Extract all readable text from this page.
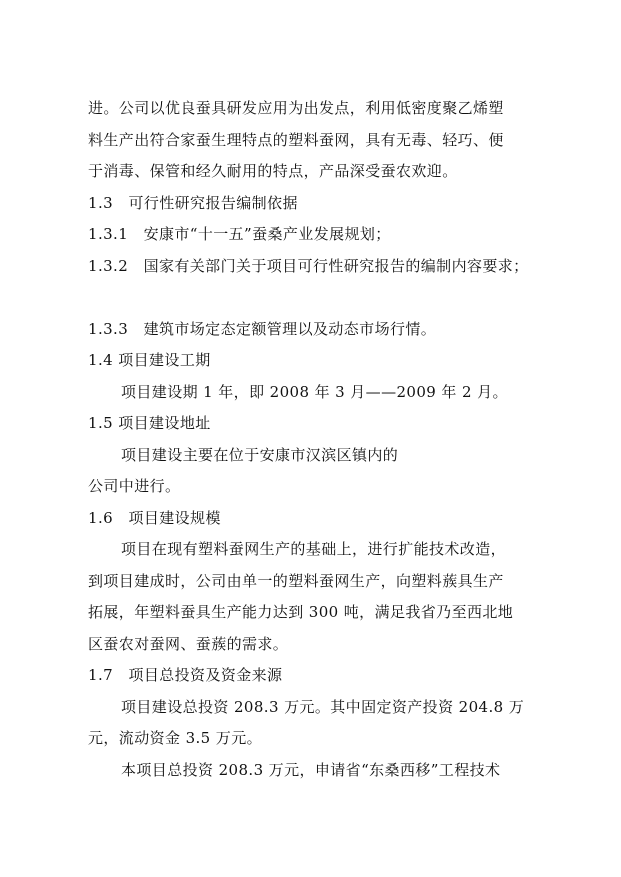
进。公司以优良蚕具研发应用为出发点，利用低密度聚乙烯塑
料生产出符合家蚕生理特点的塑料蚕网，具有无毒、轻巧、便
于消毒、保管和经久耐用的特点，产品深受蚕农欢迎。
1.3　可行性研究报告编制依据
1.3.1　安康市“十一五”蚕桑产业发展规划；
1.3.2　国家有关部门关于项目可行性研究报告的编制内容要求；
1.3.3　建筑市场定态定额管理以及动态市场行情。
1.4 项目建设工期
项目建设期 1 年，即 2008 年 3 月——2009 年 2 月。
1.5 项目建设地址
项目建设主要在位于安康市汉滨区镇内的
公司中进行。
1.6　项目建设规模
项目在现有塑料蚕网生产的基础上，进行扩能技术改造，
到项目建成时，公司由单一的塑料蚕网生产，向塑料蔟具生产
拓展，年塑料蚕具生产能力达到 300 吨，满足我省乃至西北地
区蚕农对蚕网、蚕蔟的需求。
1.7　项目总投资及资金来源
项目建设总投资 208.3 万元。其中固定资产投资 204.8 万
元，流动资金 3.5 万元。
本项目总投资 208.3 万元，申请省“东桑西移”工程技术
